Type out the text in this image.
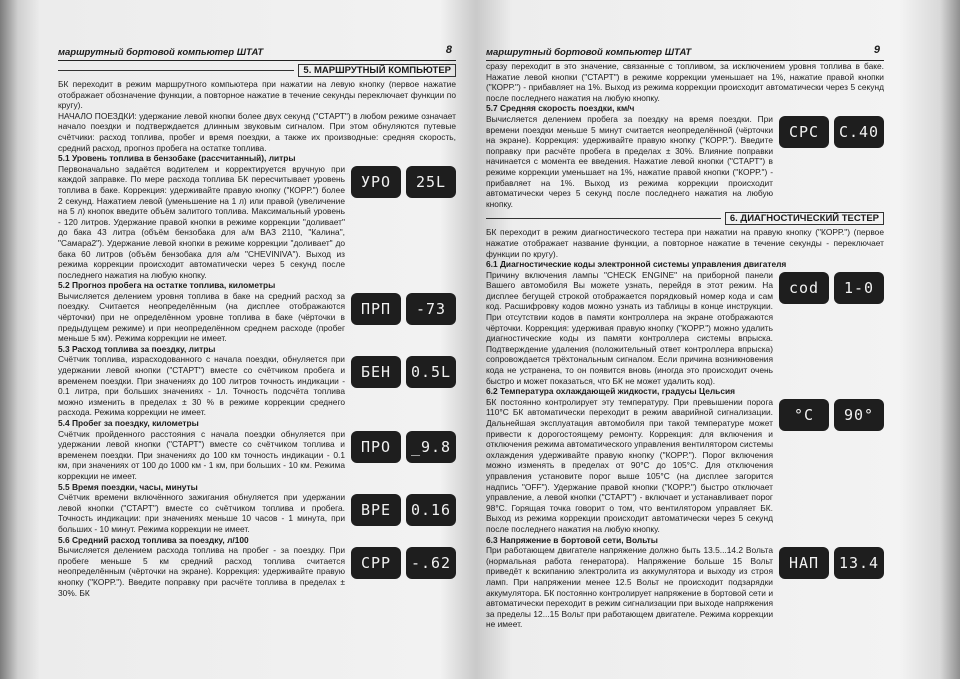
маршрутный бортовой компьютер ШТАТ	8
5. МАРШРУТНЫЙ КОМПЬЮТЕР

БК переходит в режим маршрутного компьютера при нажатии на левую кнопку (первое нажатие отображает обозначение функции, а повторное нажатие в течение секунды переключает функции по кругу).

НАЧАЛО ПОЕЗДКИ: удержание левой кнопки более двух секунд ("СТАРТ") в любом режиме означает начало поездки и подтверждается длинным звуковым сигналом. При этом обнуляются путевые счётчики: расход топлива, пробег и время поездки, а также их производные: средняя скорость, средний расход, прогноз пробега на остатке топлива.

5.1 Уровень топлива в бензобаке (рассчитанный), литры

Первоначально задаётся водителем и корректируется вручную при каждой заправке. По мере расхода топлива БК пересчитывает уровень топлива в баке. Коррекция: удерживайте правую кнопку ("КОРР.") более 2 секунд. Нажатием левой (уменьшение на 1 л) или правой (увеличение на 5 л) кнопок введите объём залитого топлива. Максимальный уровень - 120 литров. Удержание правой кнопки в режиме коррекции "доливает" до бака 43 литра (объём бензобака для а/м ВАЗ 2110, "Калина", "Самара2"). Удержание левой кнопки в режиме коррекции "доливает" до бака 60 литров (объём бензобака для а/м "CHEVINIVA"). Выход из режима коррекции происходит автоматически через 5 секунд после последнего нажатия на любую кнопку.

УРО	25L

5.2 Прогноз пробега на остатке топлива, километры

Вычисляется делением уровня топлива в баке на средний расход за поездку. Считается неопределённым (на дисплее отображаются чёрточки) при не определённом уровне топлива в баке (чёрточки в предыдущем режиме) и при неопределённом среднем расходе (пробег меньше 5 км). Режима коррекции не имеет.

ПРП	-73

5.3 Расход топлива за поездку, литры

Счётчик топлива, израсходованного с начала поездки, обнуляется при удержании левой кнопки ("СТАРТ") вместе со счётчиком пробега и временем поездки. При значениях до 100 литров точность индикации - 0.1 литра, при больших значениях - 1л. Точность подсчёта топлива можно изменить в пределах ± 30 % в режиме коррекции среднего расхода. Режима коррекции не имеет.

БЕН	0.5L

5.4 Пробег за поездку, километры

Счётчик пройденного расстояния с начала поездки обнуляется при удержании левой кнопки ("СТАРТ") вместе со счётчиком топлива и временем поездки. При значениях до 100 км точность индикации - 0.1 км, при значениях от 100 до 1000 км - 1 км, при больших - 10 км. Режима коррекции не имеет.

ПРО	_9.8

5.5 Время поездки, часы, минуты

Счётчик времени включённого зажигания обнуляется при удержании левой кнопки ("СТАРТ") вместе со счётчиком топлива и пробега. Точность индикации: при значениях меньше 10 часов - 1 минута, при больших - 10 минут. Режима коррекции не имеет.

ВРЕ	0.16

5.6 Средний расход топлива за поездку, л/100

Вычисляется делением расхода топлива на пробег - за поездку. При пробеге меньше 5 км средний расход топлива считается неопределённым (чёрточки на экране). Коррекция: удерживайте правую кнопку ("КОРР."). Введите поправку при расчёте топлива в пределах ± 30%. БК

СРР	-.62
маршрутный бортовой компьютер ШТАТ	9

сразу переходит в это значение, связанные с топливом, за исключением уровня топлива в баке. Нажатие левой кнопки ("СТАРТ") в режиме коррекции уменьшает на 1%, нажатие правой кнопки ("КОРР.") - прибавляет на 1%. Выход из режима коррекции происходит автоматически через 5 секунд после последнего нажатия на любую кнопку.

5.7 Средняя скорость поездки, км/ч

Вычисляется делением пробега за поездку на время поездки. При времени поездки меньше 5 минут считается неопределённой (чёрточки на экране). Коррекция: удерживайте правую кнопку ("КОРР."). Введите поправку при расчёте пробега в пределах ± 30%. Влияние поправки начинается с момента ее введения. Нажатие левой кнопки ("СТАРТ") в режиме коррекции уменьшает на 1%, нажатие правой кнопки ("КОРР.") - прибавляет на 1%. Выход из режима коррекции происходит автоматически через 5 секунд после последнего нажатия на любую кнопку.

СРС	С.40
6. ДИАГНОСТИЧЕСКИЙ ТЕСТЕР

БК переходит в режим диагностического тестера при нажатии на правую кнопку ("КОРР.") (первое нажатие отображает название функции, а повторное нажатие в течение секунды - переключает функции по кругу).

6.1 Диагностические коды электронной системы управления двигателя

Причину включения лампы "CHECK ENGINE" на приборной панели Вашего автомобиля Вы можете узнать, перейдя в этот режим. На дисплее бегущей строкой отображается порядковый номер кода и сам код. Расшифровку кодов можно узнать из таблицы в конце инструкции. При отсутствии кодов в памяти контроллера на экране отображаются чёрточки. Коррекция: удерживая правую кнопку ("КОРР.") можно удалить диагностические коды из памяти контроллера системы впрыска. Подтверждение удаления (положительный ответ контроллера впрыска) сопровождается трёхтональным сигналом. Если причина возникновения кода не устранена, то он появится вновь (иногда это происходит очень быстро и может показаться, что БК не может удалить код).

cod	1-0

6.2 Температура охлаждающей жидкости, градусы Цельсия

БК постоянно контролирует эту температуру. При превышении порога 110°С БК автоматически переходит в режим аварийной сигнализации. Дальнейшая эксплуатация автомобиля при такой температуре может привести к дорогостоящему ремонту. Коррекция: для включения и отключения режима автоматического управления вентилятором системы охлаждения удерживайте правую кнопку ("КОРР."). Порог включения можно изменять в пределах от 90°С до 105°С. Для отключения управления установите порог выше 105°С (на дисплее загорится надпись "OFF"). Удержание правой кнопки ("КОРР.") быстро отключает управление, а левой кнопки ("СТАРТ") - включает и устанавливает порог 98°С. Горящая точка говорит о том, что вентилятором управляет БК. Выход из режима коррекции происходит автоматически через 5 секунд после последнего нажатия на любую кнопку.

°С	90°

6.3 Напряжение в бортовой сети, Вольты

При работающем двигателе напряжение должно быть 13.5...14.2 Вольта (нормальная работа генератора). Напряжение больше 15 Вольт приведёт к вскипанию электролита из аккумулятора и выходу из строя ламп. При напряжении менее 12.5 Вольт не происходит подзарядки аккумулятора. БК постоянно контролирует напряжение в бортовой сети и автоматически переходит в режим сигнализации при выходе напряжения за пределы 12...15 Вольт при работающем двигателе. Режима коррекции не имеет.

НАП	13.4
